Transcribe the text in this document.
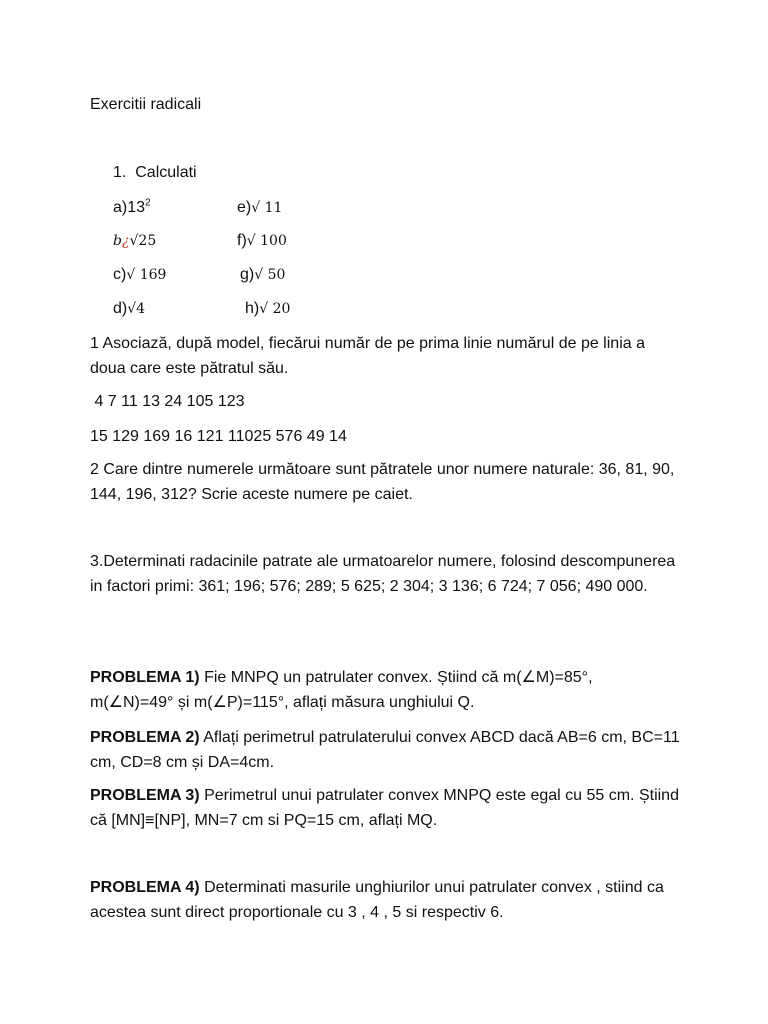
Exercitii radicali
1. Calculati
$a)13^2$	e)√ 11
b¿√25	f)√ 100
c)√ 169	g)√ 50
d)√4	h)√ 20
1 Asociază, după model, fiecărui număr de pe prima linie numărul de pe linia a doua care este pătratul său.
4 7 11 13 24 105 123
15 129 169 16 121 11025 576 49 14
2 Care dintre numerele următoare sunt pătratele unor numere naturale: 36, 81, 90, 144, 196, 312? Scrie aceste numere pe caiet.
3.Determinati radacinile patrate ale urmatoarelor numere, folosind descompunerea in factori primi: 361; 196; 576; 289; 5 625; 2 304; 3 136; 6 724; 7 056; 490 000.
PROBLEMA 1) Fie MNPQ un patrulater convex. Știind că m(∠M)=85°, m(∠N)=49° și m(∠P)=115°, aflați măsura unghiului Q.
PROBLEMA 2) Aflați perimetrul patrulaterului convex ABCD dacă AB=6 cm, BC=11 cm, CD=8 cm și DA=4cm.
PROBLEMA 3) Perimetrul unui patrulater convex MNPQ este egal cu 55 cm. Știind că [MN]≡[NP], MN=7 cm si PQ=15 cm, aflați MQ.
PROBLEMA 4) Determinati masurile unghiurilor unui patrulater convex , stiind ca acestea sunt direct proportionale cu 3 , 4 , 5 si respectiv 6.
